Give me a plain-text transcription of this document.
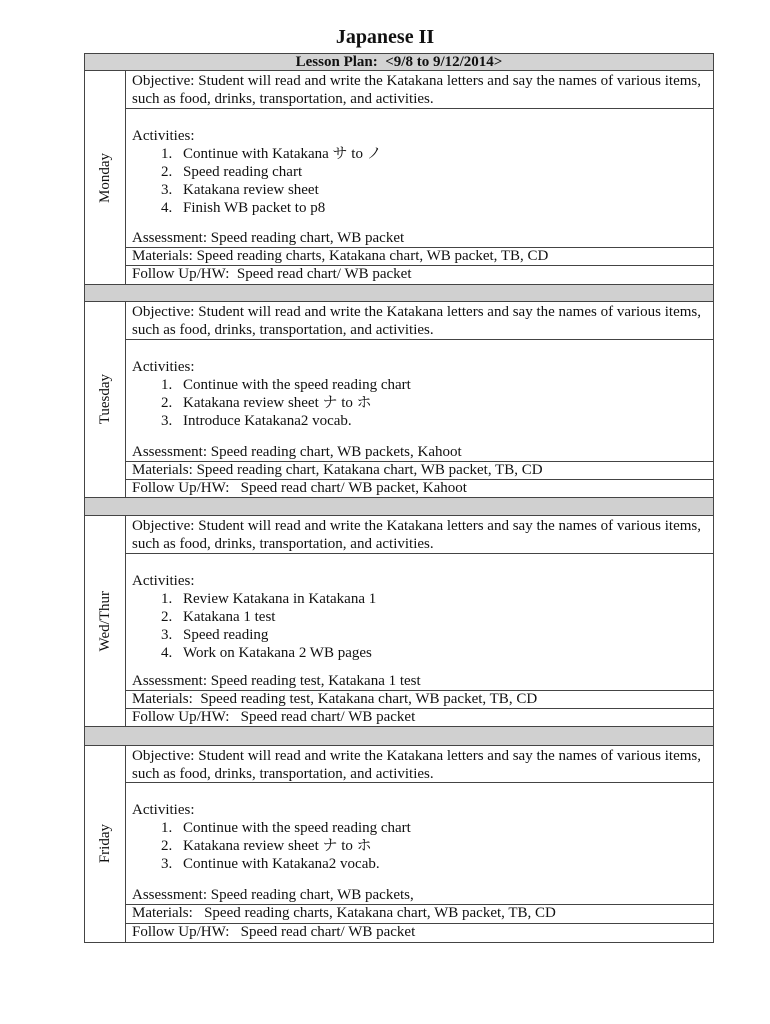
Japanese II
Lesson Plan:  <9/8 to 9/12/2014>
Monday
Objective: Student will read and write the Katakana letters and say the names of various items, such as food, drinks, transportation, and activities.
Activities:
1. Continue with Katakana サ to ノ
2. Speed reading chart
3. Katakana review sheet
4. Finish WB packet to p8
Assessment: Speed reading chart, WB packet
Materials: Speed reading charts, Katakana chart, WB packet, TB, CD
Follow Up/HW:  Speed read chart/ WB packet
Tuesday
Objective: Student will read and write the Katakana letters and say the names of various items, such as food, drinks, transportation, and activities.
Activities:
1. Continue with the speed reading chart
2. Katakana review sheet ナ to ホ
3. Introduce Katakana2 vocab.
Assessment: Speed reading chart, WB packets, Kahoot
Materials: Speed reading chart, Katakana chart, WB packet, TB, CD
Follow Up/HW:   Speed read chart/ WB packet, Kahoot
Wed/Thur
Objective: Student will read and write the Katakana letters and say the names of various items, such as food, drinks, transportation, and activities.
Activities:
1. Review Katakana in Katakana 1
2. Katakana 1 test
3. Speed reading
4. Work on Katakana 2 WB pages
Assessment: Speed reading test, Katakana 1 test
Materials:  Speed reading test, Katakana chart, WB packet, TB, CD
Follow Up/HW:   Speed read chart/ WB packet
Friday
Objective: Student will read and write the Katakana letters and say the names of various items, such as food, drinks, transportation, and activities.
Activities:
1. Continue with the speed reading chart
2. Katakana review sheet ナ to ホ
3. Continue with Katakana2 vocab.
Assessment: Speed reading chart, WB packets,
Materials:   Speed reading charts, Katakana chart, WB packet, TB, CD
Follow Up/HW:   Speed read chart/ WB packet
